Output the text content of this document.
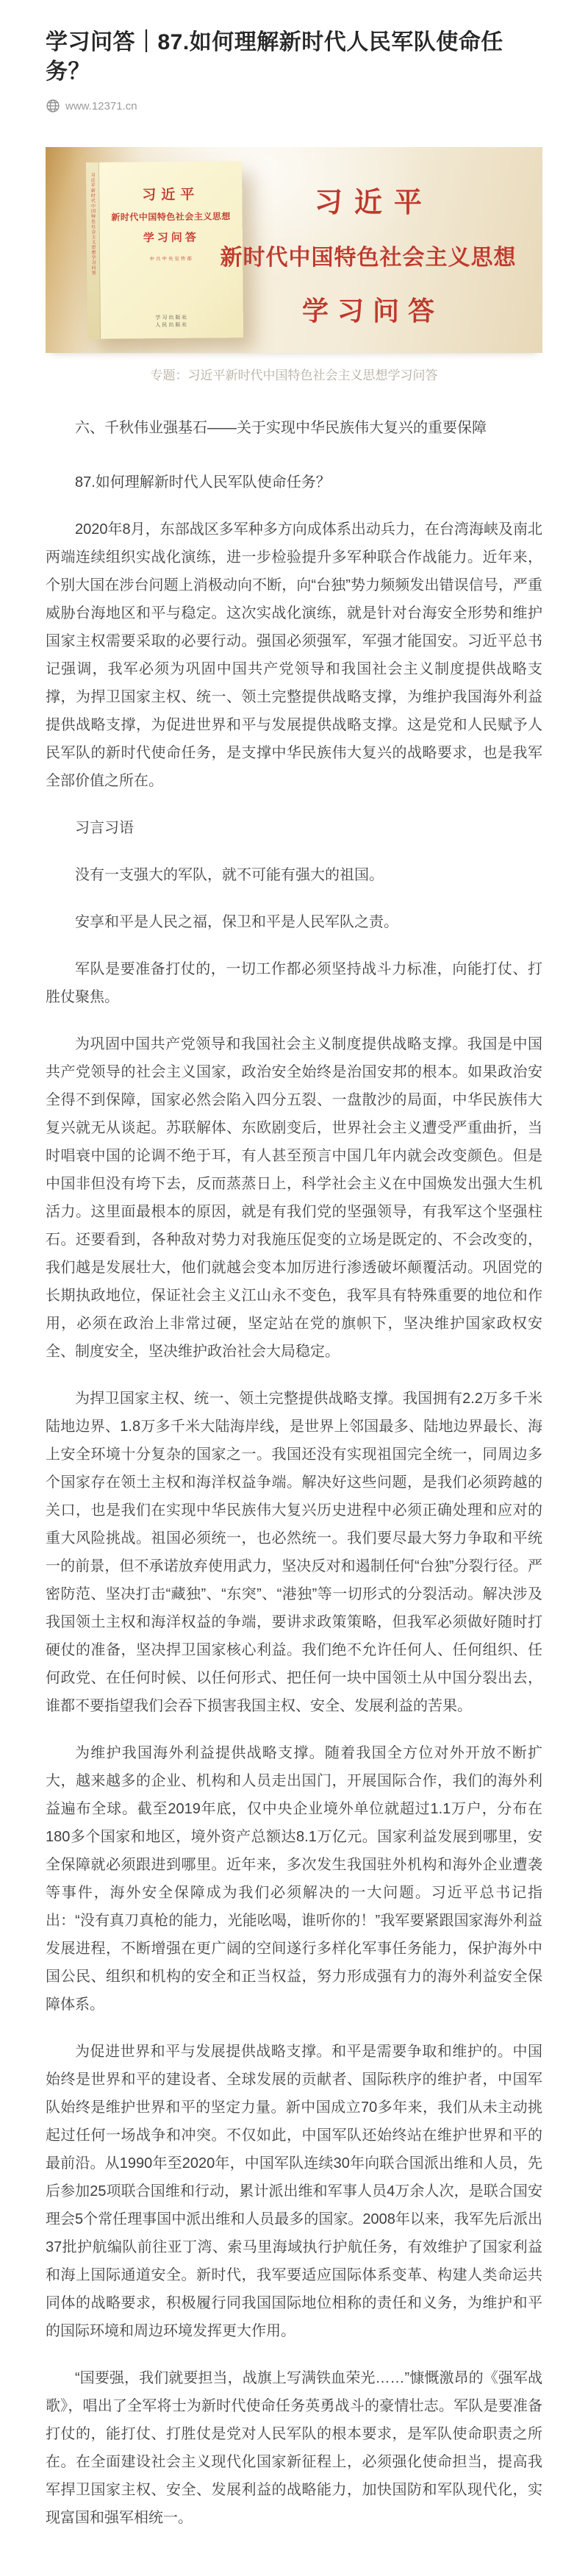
学习问答｜87.如何理解新时代人民军队使命任务？
www.12371.cn
习近平新时代中国特色社会主义思想学习问答	习近平
新时代中国特色社会主义思想
学习问答
中共中央宣传部
学习出版社
人民出版社
习近平
新时代中国特色社会主义思想
学习问答
专题：习近平新时代中国特色社会主义思想学习问答
六、千秋伟业强基石——关于实现中华民族伟大复兴的重要保障
87.如何理解新时代人民军队使命任务？

2020年8月，东部战区多军种多方向成体系出动兵力，在台湾海峡及南北两端连续组织实战化演练，进一步检验提升多军种联合作战能力。近年来，个别大国在涉台问题上消极动向不断，向“台独”势力频频发出错误信号，严重威胁台海地区和平与稳定。这次实战化演练，就是针对台海安全形势和维护国家主权需要采取的必要行动。强国必须强军，军强才能国安。习近平总书记强调，我军必须为巩固中国共产党领导和我国社会主义制度提供战略支撑，为捍卫国家主权、统一、领土完整提供战略支撑，为维护我国海外利益提供战略支撑，为促进世界和平与发展提供战略支撑。这是党和人民赋予人民军队的新时代使命任务，是支撑中华民族伟大复兴的战略要求，也是我军全部价值之所在。

习言习语

没有一支强大的军队，就不可能有强大的祖国。

安享和平是人民之福，保卫和平是人民军队之责。

军队是要准备打仗的，一切工作都必须坚持战斗力标准，向能打仗、打胜仗聚焦。

为巩固中国共产党领导和我国社会主义制度提供战略支撑。我国是中国共产党领导的社会主义国家，政治安全始终是治国安邦的根本。如果政治安全得不到保障，国家必然会陷入四分五裂、一盘散沙的局面，中华民族伟大复兴就无从谈起。苏联解体、东欧剧变后，世界社会主义遭受严重曲折，当时唱衰中国的论调不绝于耳，有人甚至预言中国几年内就会改变颜色。但是中国非但没有垮下去，反而蒸蒸日上，科学社会主义在中国焕发出强大生机活力。这里面最根本的原因，就是有我们党的坚强领导，有我军这个坚强柱石。还要看到，各种敌对势力对我施压促变的立场是既定的、不会改变的，我们越是发展壮大，他们就越会变本加厉进行渗透破坏颠覆活动。巩固党的长期执政地位，保证社会主义江山永不变色，我军具有特殊重要的地位和作用，必须在政治上非常过硬，坚定站在党的旗帜下，坚决维护国家政权安全、制度安全，坚决维护政治社会大局稳定。

为捍卫国家主权、统一、领土完整提供战略支撑。我国拥有2.2万多千米陆地边界、1.8万多千米大陆海岸线，是世界上邻国最多、陆地边界最长、海上安全环境十分复杂的国家之一。我国还没有实现祖国完全统一，同周边多个国家存在领土主权和海洋权益争端。解决好这些问题，是我们必须跨越的关口，也是我们在实现中华民族伟大复兴历史进程中必须正确处理和应对的重大风险挑战。祖国必须统一，也必然统一。我们要尽最大努力争取和平统一的前景，但不承诺放弃使用武力，坚决反对和遏制任何“台独”分裂行径。严密防范、坚决打击“藏独”、“东突”、“港独”等一切形式的分裂活动。解决涉及我国领土主权和海洋权益的争端，要讲求政策策略，但我军必须做好随时打硬仗的准备，坚决捍卫国家核心利益。我们绝不允许任何人、任何组织、任何政党、在任何时候、以任何形式、把任何一块中国领土从中国分裂出去，谁都不要指望我们会吞下损害我国主权、安全、发展利益的苦果。

为维护我国海外利益提供战略支撑。随着我国全方位对外开放不断扩大，越来越多的企业、机构和人员走出国门，开展国际合作，我们的海外利益遍布全球。截至2019年底，仅中央企业境外单位就超过1.1万户，分布在180多个国家和地区，境外资产总额达8.1万亿元。国家利益发展到哪里，安全保障就必须跟进到哪里。近年来，多次发生我国驻外机构和海外企业遭袭等事件，海外安全保障成为我们必须解决的一大问题。习近平总书记指出：“没有真刀真枪的能力，光能吆喝，谁听你的！”我军要紧跟国家海外利益发展进程，不断增强在更广阔的空间遂行多样化军事任务能力，保护海外中国公民、组织和机构的安全和正当权益，努力形成强有力的海外利益安全保障体系。

为促进世界和平与发展提供战略支撑。和平是需要争取和维护的。中国始终是世界和平的建设者、全球发展的贡献者、国际秩序的维护者，中国军队始终是维护世界和平的坚定力量。新中国成立70多年来，我们从未主动挑起过任何一场战争和冲突。不仅如此，中国军队还始终站在维护世界和平的最前沿。从1990年至2020年，中国军队连续30年向联合国派出维和人员，先后参加25项联合国维和行动，累计派出维和军事人员4万余人次，是联合国安理会5个常任理事国中派出维和人员最多的国家。2008年以来，我军先后派出37批护航编队前往亚丁湾、索马里海域执行护航任务，有效维护了国家利益和海上国际通道安全。新时代，我军要适应国际体系变革、构建人类命运共同体的战略要求，积极履行同我国国际地位相称的责任和义务，为维护和平的国际环境和周边环境发挥更大作用。

“国要强，我们就要担当，战旗上写满铁血荣光……”慷慨激昂的《强军战歌》，唱出了全军将士为新时代使命任务英勇战斗的豪情壮志。军队是要准备打仗的，能打仗、打胜仗是党对人民军队的根本要求，是军队使命职责之所在。在全面建设社会主义现代化国家新征程上，必须强化使命担当，提高我军捍卫国家主权、安全、发展利益的战略能力，加快国防和军队现代化，实现富国和强军相统一。
